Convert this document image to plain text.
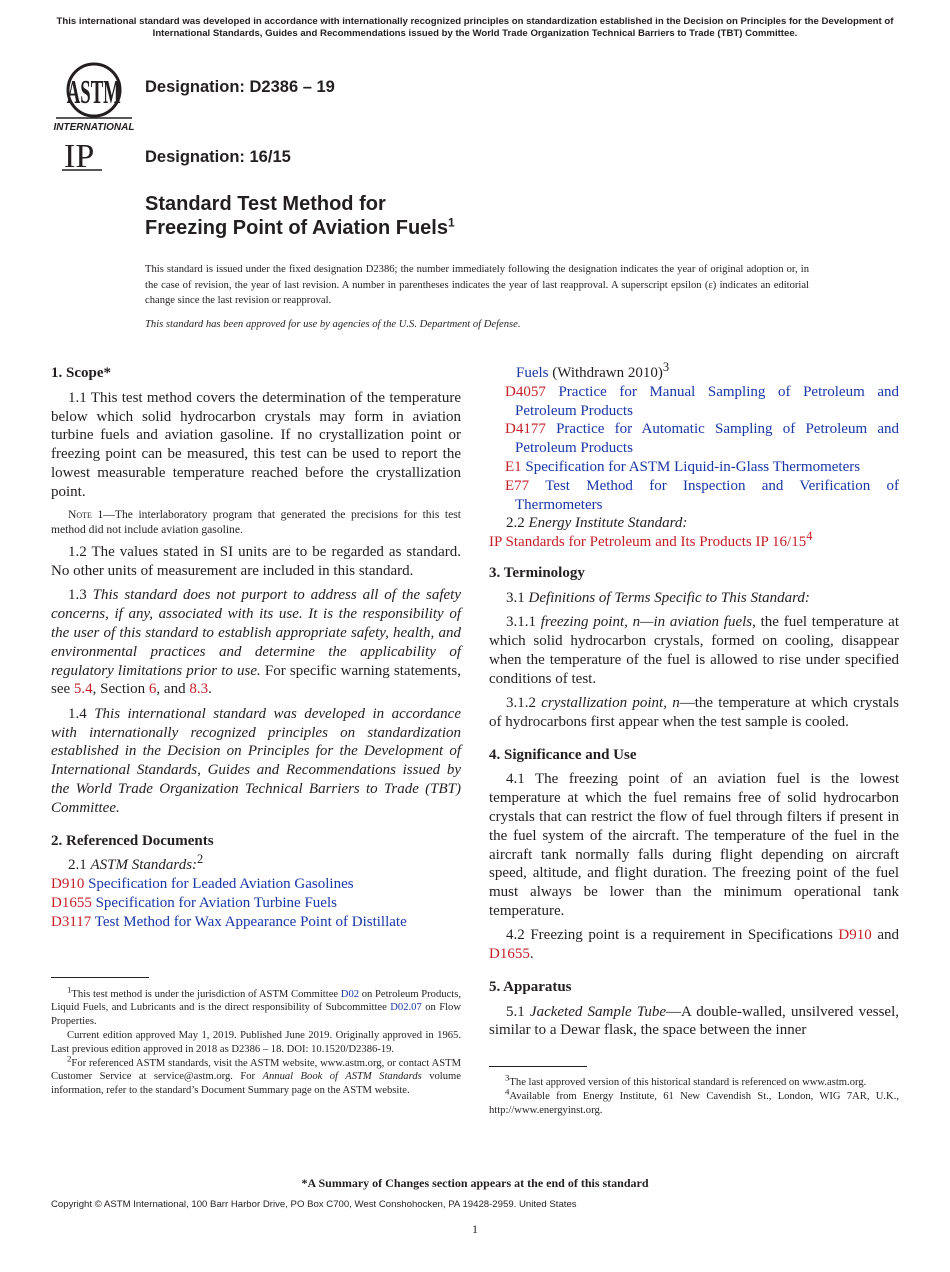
This international standard was developed in accordance with internationally recognized principles on standardization established in the Decision on Principles for the Development of International Standards, Guides and Recommendations issued by the World Trade Organization Technical Barriers to Trade (TBT) Committee.
ASTM
INTERNATIONAL
IP
Designation: D2386 – 19
Designation: 16/15
Standard Test Method for
Freezing Point of Aviation Fuels$^1$
This standard is issued under the fixed designation D2386; the number immediately following the designation indicates the year of original adoption or, in the case of revision, the year of last revision. A number in parentheses indicates the year of last reapproval. A superscript epsilon (ε) indicates an editorial change since the last revision or reapproval.
This standard has been approved for use by agencies of the U.S. Department of Defense.
1. Scope*

1.1 This test method covers the determination of the temperature below which solid hydrocarbon crystals may form in aviation turbine fuels and aviation gasoline. If no crystallization point or freezing point can be measured, this test can be used to report the lowest measurable temperature reached before the crystallization point.

Note 1—The interlaboratory program that generated the precisions for this test method did not include aviation gasoline.

1.2 The values stated in SI units are to be regarded as standard. No other units of measurement are included in this standard.

1.3 This standard does not purport to address all of the safety concerns, if any, associated with its use. It is the responsibility of the user of this standard to establish appropriate safety, health, and environmental practices and determine the applicability of regulatory limitations prior to use. For specific warning statements, see 5.4, Section 6, and 8.3.

1.4 This international standard was developed in accordance with internationally recognized principles on standardization established in the Decision on Principles for the Development of International Standards, Guides and Recommendations issued by the World Trade Organization Technical Barriers to Trade (TBT) Committee.

2. Referenced Documents

2.1 ASTM Standards:$^2$

D910 Specification for Leaded Aviation Gasolines

D1655 Specification for Aviation Turbine Fuels

D3117 Test Method for Wax Appearance Point of Distillate

$^1$This test method is under the jurisdiction of ASTM Committee D02 on Petroleum Products, Liquid Fuels, and Lubricants and is the direct responsibility of Subcommittee D02.07 on Flow Properties.

Current edition approved May 1, 2019. Published June 2019. Originally approved in 1965. Last previous edition approved in 2018 as D2386 – 18. DOI: 10.1520/D2386-19.

$^2$For referenced ASTM standards, visit the ASTM website, www.astm.org, or contact ASTM Customer Service at service@astm.org. For Annual Book of ASTM Standards volume information, refer to the standard’s Document Summary page on the ASTM website.

Fuels (Withdrawn 2010)$^3$

D4057 Practice for Manual Sampling of Petroleum and Petroleum Products

D4177 Practice for Automatic Sampling of Petroleum and Petroleum Products

E1 Specification for ASTM Liquid-in-Glass Thermometers

E77 Test Method for Inspection and Verification of Thermometers

2.2 Energy Institute Standard:

IP Standards for Petroleum and Its Products IP $16/15^4$

3. Terminology

3.1 Definitions of Terms Specific to This Standard:

3.1.1 freezing point, n—in aviation fuels, the fuel temperature at which solid hydrocarbon crystals, formed on cooling, disappear when the temperature of the fuel is allowed to rise under specified conditions of test.

3.1.2 crystallization point, n—the temperature at which crystals of hydrocarbons first appear when the test sample is cooled.

4. Significance and Use

4.1 The freezing point of an aviation fuel is the lowest temperature at which the fuel remains free of solid hydrocarbon crystals that can restrict the flow of fuel through filters if present in the fuel system of the aircraft. The temperature of the fuel in the aircraft tank normally falls during flight depending on aircraft speed, altitude, and flight duration. The freezing point of the fuel must always be lower than the minimum operational tank temperature.

4.2 Freezing point is a requirement in Specifications D910 and D1655.

5. Apparatus

5.1 Jacketed Sample Tube—A double-walled, unsilvered vessel, similar to a Dewar flask, the space between the inner

$^3$The last approved version of this historical standard is referenced on www.astm.org.

$^4$Available from Energy Institute, 61 New Cavendish St., London, WIG 7AR, U.K., http://www.energyinst.org.

*A Summary of Changes section appears at the end of this standard
Copyright © ASTM International, 100 Barr Harbor Drive, PO Box C700, West Conshohocken, PA 19428-2959. United States
1
